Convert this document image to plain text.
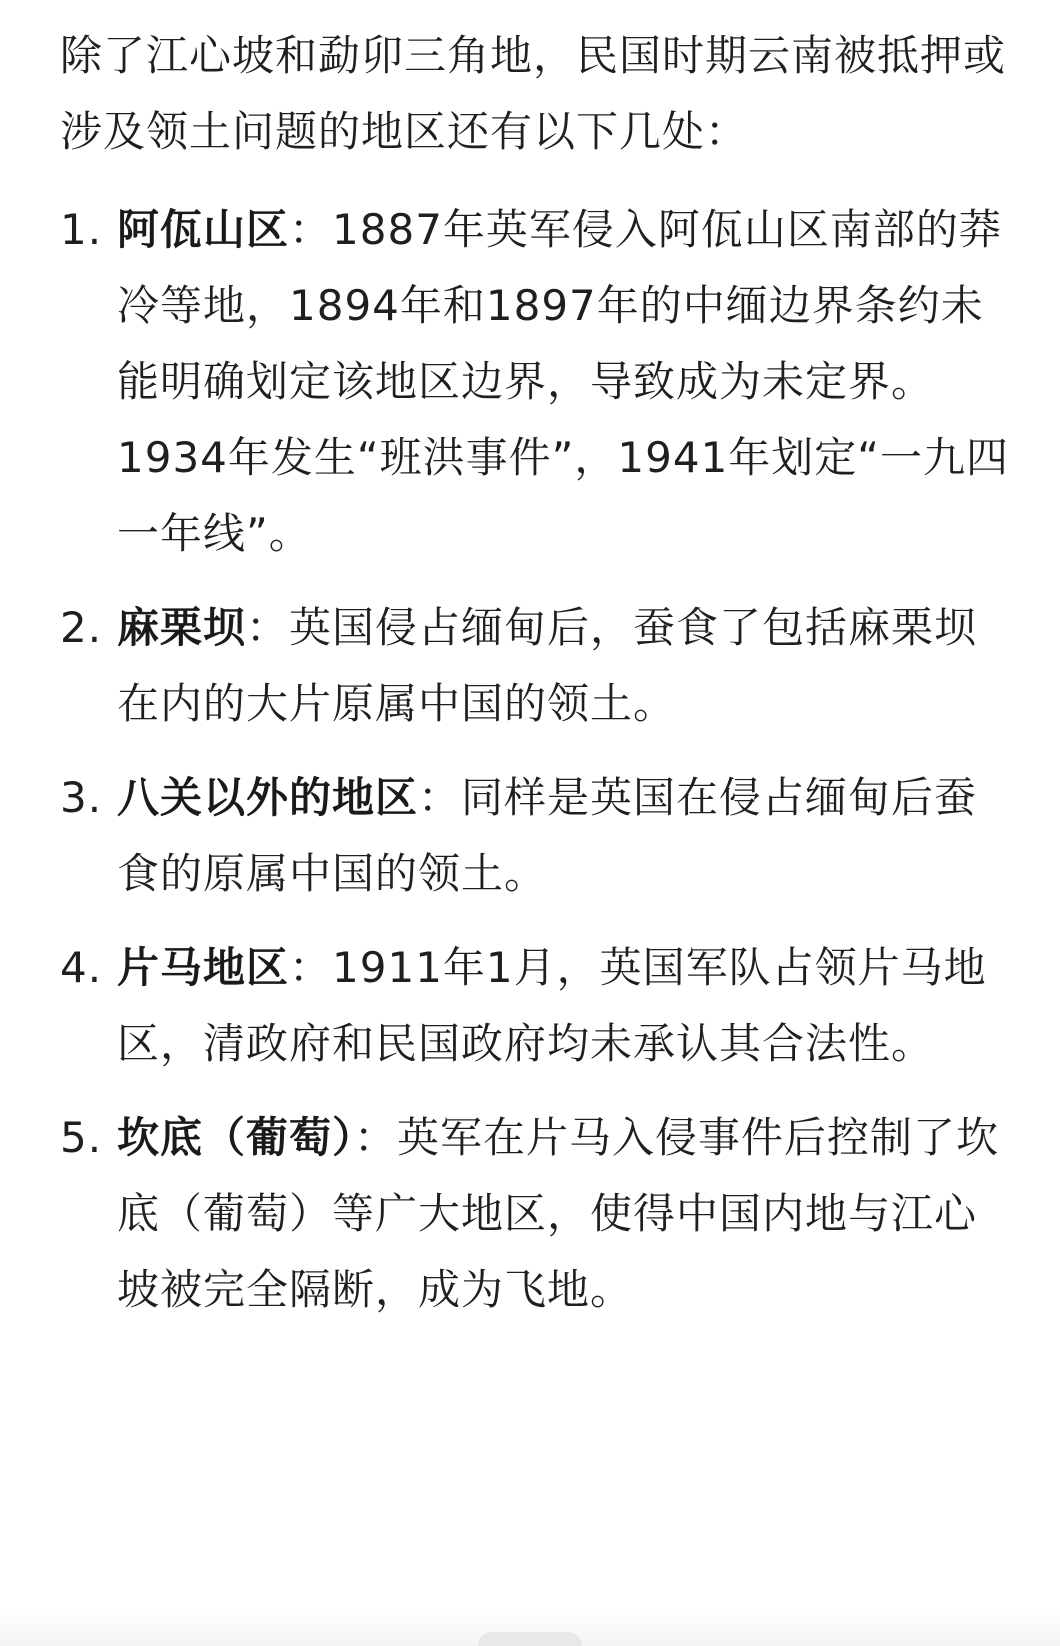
除了江心坡和勐卯三角地，民国时期云南被抵押或涉及领土问题的地区还有以下几处：

1. 阿佤山区：1887年英军侵入阿佤山区南部的莽冷等地，1894年和1897年的中缅边界条约未能明确划定该地区边界，导致成为未定界。1934年发生“班洪事件”，1941年划定“一九四一年线”。
2. 麻栗坝：英国侵占缅甸后，蚕食了包括麻栗坝在内的大片原属中国的领土。
3. 八关以外的地区：同样是英国在侵占缅甸后蚕食的原属中国的领土。
4. 片马地区：1911年1月，英国军队占领片马地区，清政府和民国政府均未承认其合法性。
5. 坎底（葡萄）：英军在片马入侵事件后控制了坎底（葡萄）等广大地区，使得中国内地与江心坡被完全隔断，成为飞地。
